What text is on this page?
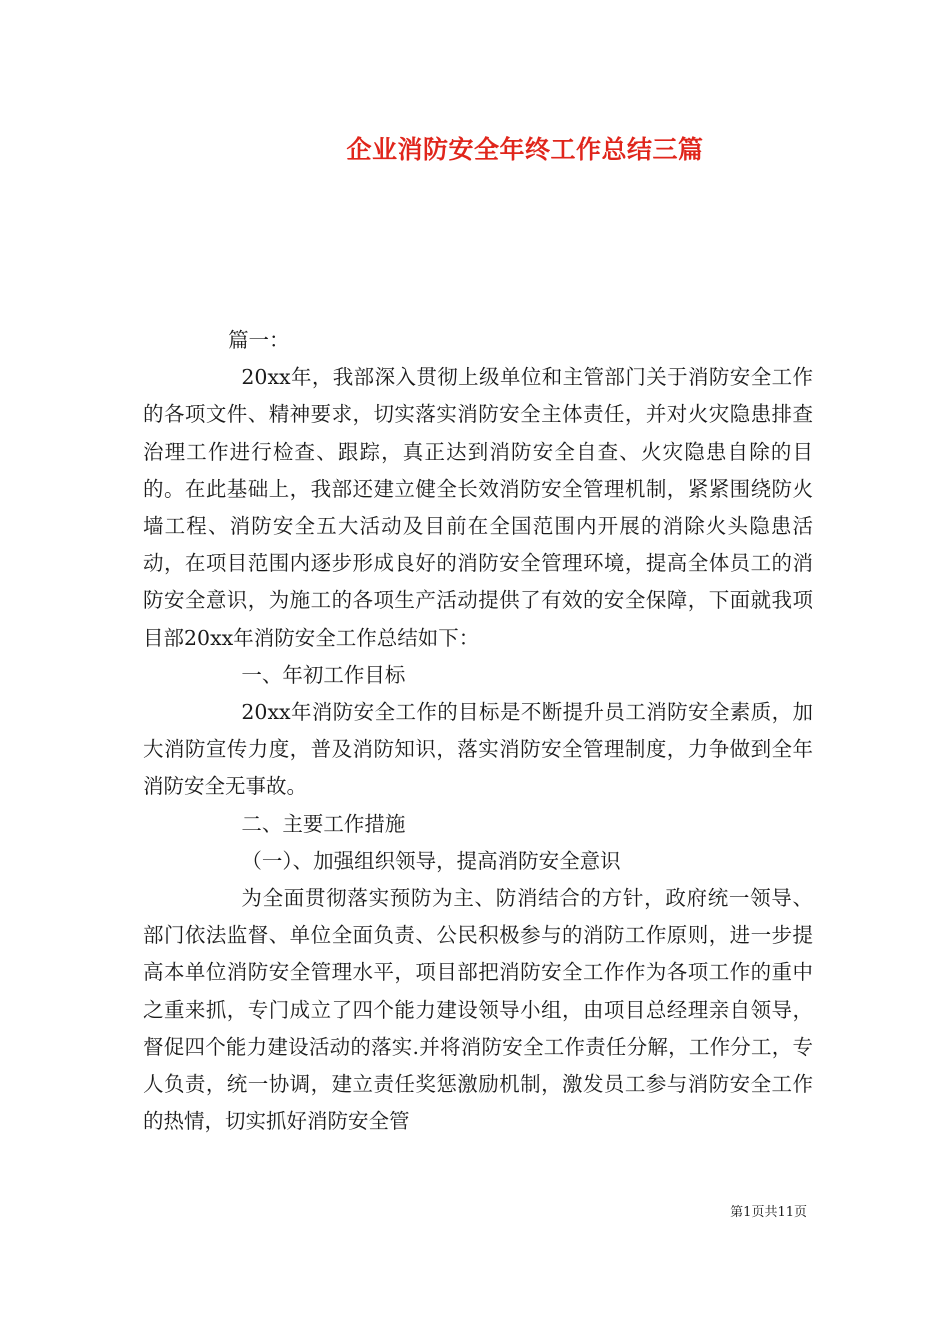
企业消防安全年终工作总结三篇

篇一：

20xx年，我部深入贯彻上级单位和主管部门关于消防安全工作的各项文件、精神要求，切实落实消防安全主体责任，并对火灾隐患排查治理工作进行检查、跟踪，真正达到消防安全自查、火灾隐患自除的目的。在此基础上，我部还建立健全长效消防安全管理机制，紧紧围绕防火墙工程、消防安全五大活动及目前在全国范围内开展的消除火头隐患活动，在项目范围内逐步形成良好的消防安全管理环境，提高全体员工的消防安全意识，为施工的各项生产活动提供了有效的安全保障，下面就我项目部20xx年消防安全工作总结如下：

一、年初工作目标

20xx年消防安全工作的目标是不断提升员工消防安全素质，加大消防宣传力度，普及消防知识，落实消防安全管理制度，力争做到全年消防安全无事故。

二、主要工作措施

（一）、加强组织领导，提高消防安全意识

为全面贯彻落实预防为主、防消结合的方针，政府统一领导、部门依法监督、单位全面负责、公民积极参与的消防工作原则，进一步提高本单位消防安全管理水平，项目部把消防安全工作作为各项工作的重中之重来抓，专门成立了四个能力建设领导小组，由项目总经理亲自领导，督促四个能力建设活动的落实.并将消防安全工作责任分解，工作分工，专人负责，统一协调，建立责任奖惩激励机制，激发员工参与消防安全工作的热情，切实抓好消防安全管

第1页共11页
